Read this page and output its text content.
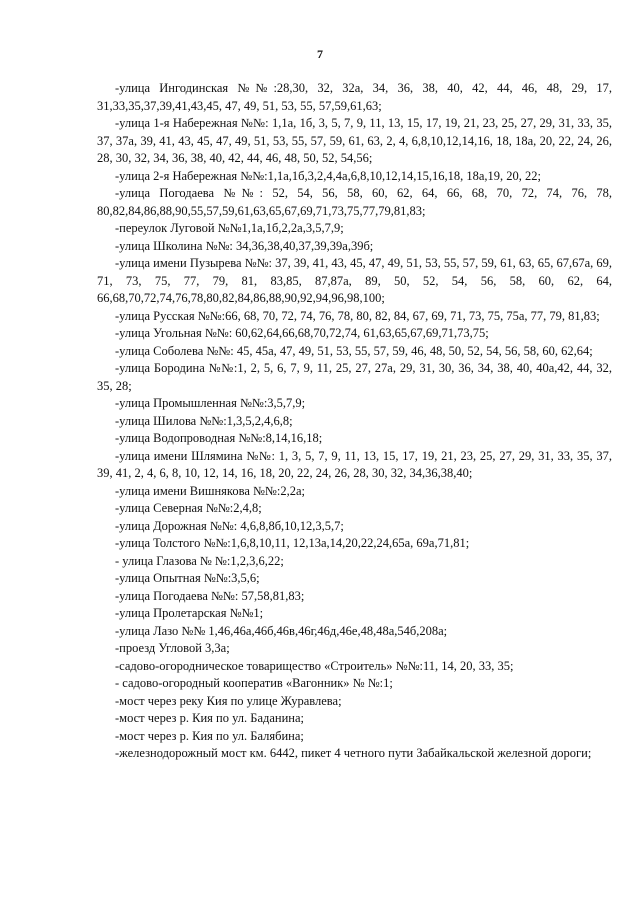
7

-улица Ингодинская №№:28,30, 32, 32а, 34, 36, 38, 40, 42, 44, 46, 48, 29, 17, 31,33,35,37,39,41,43,45, 47, 49, 51, 53, 55, 57,59,61,63;

-улица 1-я Набережная №№: 1,1а, 1б, 3, 5, 7, 9, 11, 13, 15, 17, 19, 21, 23, 25, 27, 29, 31, 33, 35, 37, 37а, 39, 41, 43, 45, 47, 49, 51, 53, 55, 57, 59, 61, 63, 2, 4, 6,8,10,12,14,16, 18, 18а, 20, 22, 24, 26, 28, 30, 32, 34, 36, 38, 40, 42, 44, 46, 48, 50, 52, 54,56;

-улица 2-я Набережная №№:1,1а,1б,3,2,4,4а,6,8,10,12,14,15,16,18, 18а,19, 20, 22;

-улица Погодаева №№: 52, 54, 56, 58, 60, 62, 64, 66, 68, 70, 72, 74, 76, 78, 80,82,84,86,88,90,55,57,59,61,63,65,67,69,71,73,75,77,79,81,83;

-переулок Луговой №№1,1а,1б,2,2а,3,5,7,9;

-улица Школина №№: 34,36,38,40,37,39,39а,39б;

-улица имени Пузырева №№: 37, 39, 41, 43, 45, 47, 49, 51, 53, 55, 57, 59, 61, 63, 65, 67,67а, 69, 71, 73, 75, 77, 79, 81, 83,85, 87,87а, 89, 50, 52, 54, 56, 58, 60, 62, 64, 66,68,70,72,74,76,78,80,82,84,86,88,90,92,94,96,98,100;

-улица Русская №№:66, 68, 70, 72, 74, 76, 78, 80, 82, 84, 67, 69, 71, 73, 75, 75а, 77, 79, 81,83;

-улица Угольная №№: 60,62,64,66,68,70,72,74, 61,63,65,67,69,71,73,75;

-улица Соболева №№: 45, 45а, 47, 49, 51, 53, 55, 57, 59, 46, 48, 50, 52, 54, 56, 58, 60, 62,64;

-улица Бородина №№:1, 2, 5, 6, 7, 9, 11, 25, 27, 27а, 29, 31, 30, 36, 34, 38, 40, 40а,42, 44, 32, 35, 28;

-улица Промышленная №№:3,5,7,9;

-улица Шилова №№:1,3,5,2,4,6,8;

-улица Водопроводная №№:8,14,16,18;

-улица имени Шлямина №№: 1, 3, 5, 7, 9, 11, 13, 15, 17, 19, 21, 23, 25, 27, 29, 31, 33, 35, 37, 39, 41, 2, 4, 6, 8, 10, 12, 14, 16, 18, 20, 22, 24, 26, 28, 30, 32, 34,36,38,40;

-улица имени Вишнякова №№:2,2а;

-улица Северная №№:2,4,8;

-улица Дорожная №№: 4,6,8,8б,10,12,3,5,7;

-улица Толстого №№:1,6,8,10,11, 12,13а,14,20,22,24,65а, 69а,71,81;

- улица Глазова № №:1,2,3,6,22;

-улица Опытная №№:3,5,6;

-улица Погодаева №№: 57,58,81,83;

-улица Пролетарская №№1;

-улица Лазо №№ 1,46,46а,46б,46в,46г,46д,46е,48,48а,54б,208а;

-проезд Угловой 3,3а;

-садово-огородническое товарищество «Строитель» №№:11, 14, 20, 33, 35;

- садово-огородный кооператив «Вагонник» № №:1;

-мост через реку Кия по улице Журавлева;

-мост через р. Кия по ул. Баданина;

-мост через р. Кия по ул. Балябина;

-железнодорожный мост км. 6442, пикет 4 четного пути Забайкальской железной дороги;
